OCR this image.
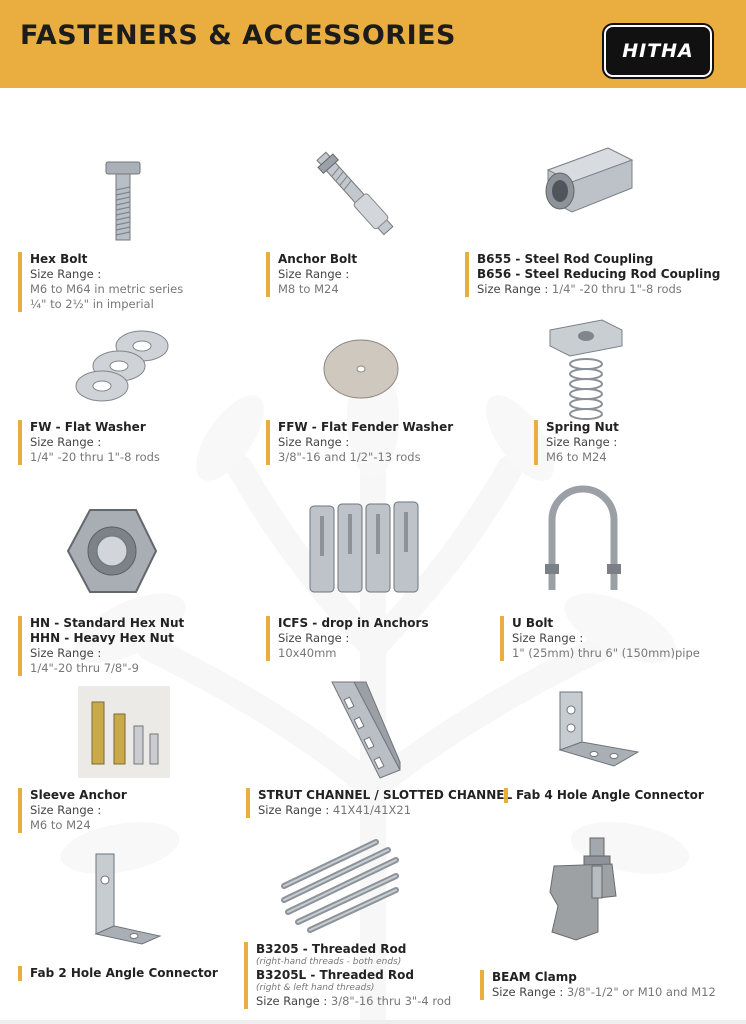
FASTENERS & ACCESSORIES	HITHA
Hex Bolt
Size Range :
M6 to M64 in metric series
¼" to 2½" in imperial
Anchor Bolt
Size Range :
M8 to M24
B655 - Steel Rod Coupling
B656 - Steel Reducing Rod Coupling
Size Range : 1/4" -20 thru 1"-8 rods
FW - Flat Washer
Size Range :
1/4" -20 thru 1"-8 rods
FFW - Flat Fender Washer
Size Range :
3/8"-16 and 1/2"-13 rods
Spring Nut
Size Range :
M6 to M24
HN - Standard Hex Nut
HHN - Heavy Hex Nut
Size Range :
1/4"-20 thru 7/8"-9
ICFS - drop in Anchors
Size Range :
10x40mm
U Bolt
Size Range :
1" (25mm) thru 6" (150mm)pipe
Sleeve Anchor
Size Range :
M6 to M24
STRUT CHANNEL / SLOTTED CHANNEL
Size Range : 41X41/41X21
Fab 4 Hole Angle Connector
Fab 2 Hole Angle Connector
B3205 - Threaded Rod
(right-hand threads - both ends)
B3205L - Threaded Rod
(right & left hand threads)
Size Range : 3/8"-16 thru 3"-4 rod
BEAM Clamp
Size Range : 3/8"-1/2" or M10 and M12
